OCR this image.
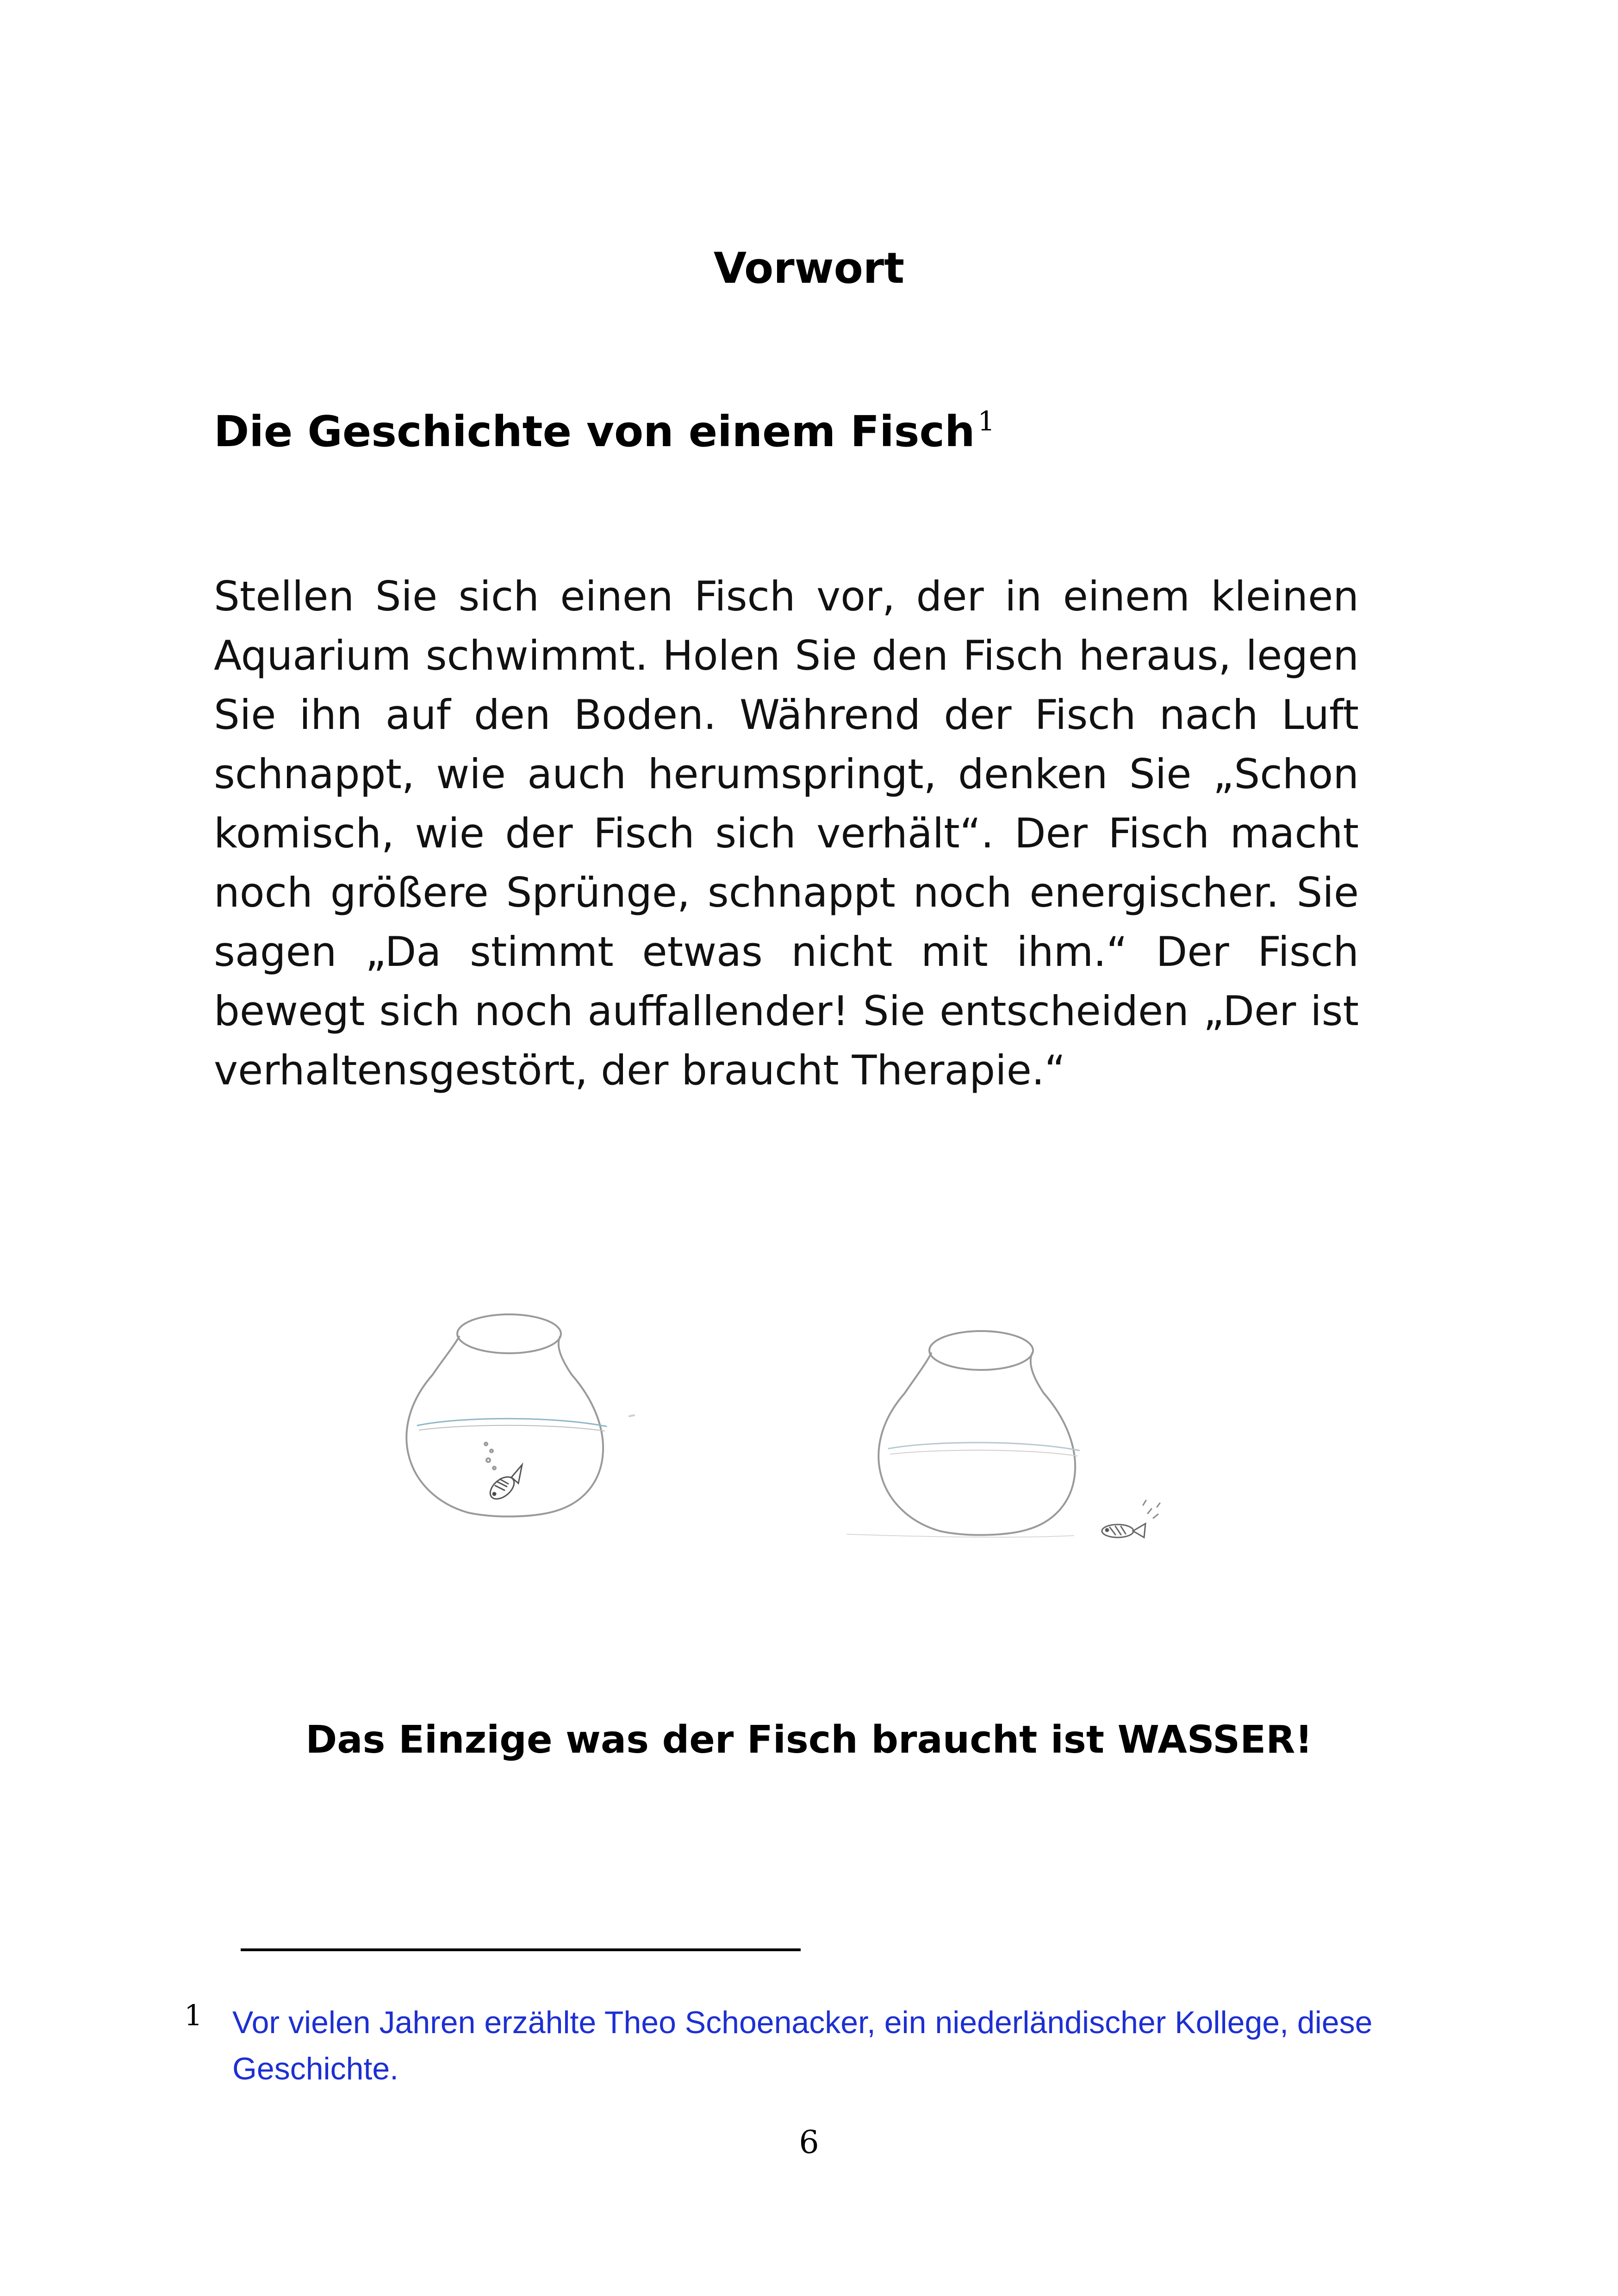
Vorwort
Die Geschichte von einem Fisch $^1$

Stellen Sie sich einen Fisch vor, der in einem kleinen Aquarium schwimmt. Holen Sie den Fisch heraus, legen Sie ihn auf den Boden. Während der Fisch nach Luft schnappt, wie auch herumspringt, denken Sie „Schon komisch, wie der Fisch sich verhält“. Der Fisch macht noch größere Sprünge, schnappt noch energischer. Sie sagen „Da stimmt etwas nicht mit ihm.“ Der Fisch bewegt sich noch auffallender! Sie entscheiden „Der ist verhaltensgestört, der braucht Therapie.“

Das Einzige was der Fisch braucht ist WASSER!
1 Vor vielen Jahren erzählte Theo Schoenacker, ein niederländischer Kollege, diese Geschichte.

6
